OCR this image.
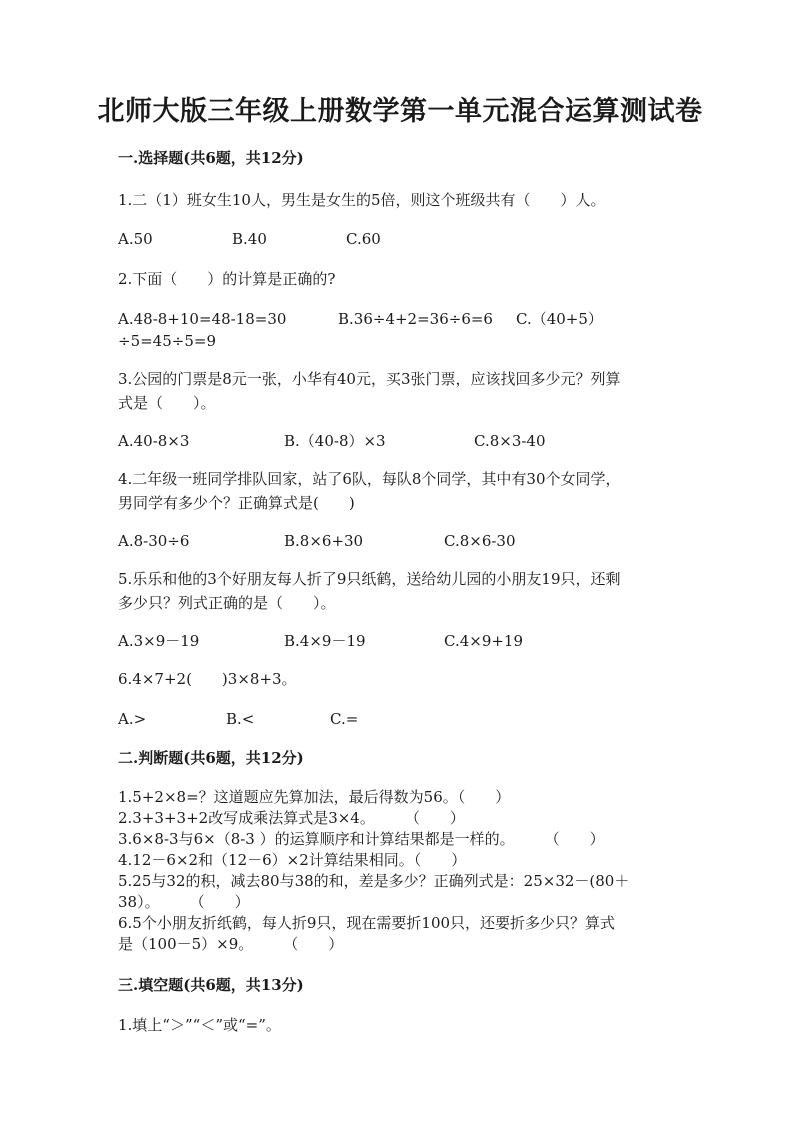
北师大版三年级上册数学第一单元混合运算测试卷
一.选择题(共6题，共12分)
1.二（1）班女生10人，男生是女生的5倍，则这个班级共有（　　）人。
A.50	B.40	C.60
2.下面（　　）的计算是正确的?
A.48-8+10=48-18=30	B.36÷4+2=36÷6=6 C.（40+5）
÷5=45÷5=9
3.公园的门票是8元一张，小华有40元，买3张门票，应该找回多少元？列算
式是（　　）。
A.40-8×3	B.（40-8）×3	C.8×3-40
4.二年级一班同学排队回家，站了6队，每队8个同学，其中有30个女同学，
男同学有多少个？正确算式是(　　)
A.8-30÷6	B.8×6+30	C.8×6-30
5.乐乐和他的3个好朋友每人折了9只纸鹤，送给幼儿园的小朋友19只，还剩
多少只？列式正确的是（　　）。
A.3×9－19	B.4×9－19	C.4×9+19
6.4×7+2(　　)3×8+3。
A.>	B.<	C.=
二.判断题(共6题，共12分)
1.5+2×8=？这道题应先算加法，最后得数为56。（　　）
2.3+3+3+2改写成乘法算式是3×4。　　　（　　）
3.6×8-3与6×（8-3 ）的运算顺序和计算结果都是一样的。　　　（　　）
4.12－6×2和（12－6）×2计算结果相同。（　　）
5.25与32的积，减去80与38的和，差是多少？正确列式是：25×32－(80＋
38）。　　　（　　）
6.5个小朋友折纸鹤，每人折9只，现在需要折100只，还要折多少只？算式
是（100－5）×9。　　　（　　）
三.填空题(共6题，共13分)
1.填上“＞”“＜”或“=”。
